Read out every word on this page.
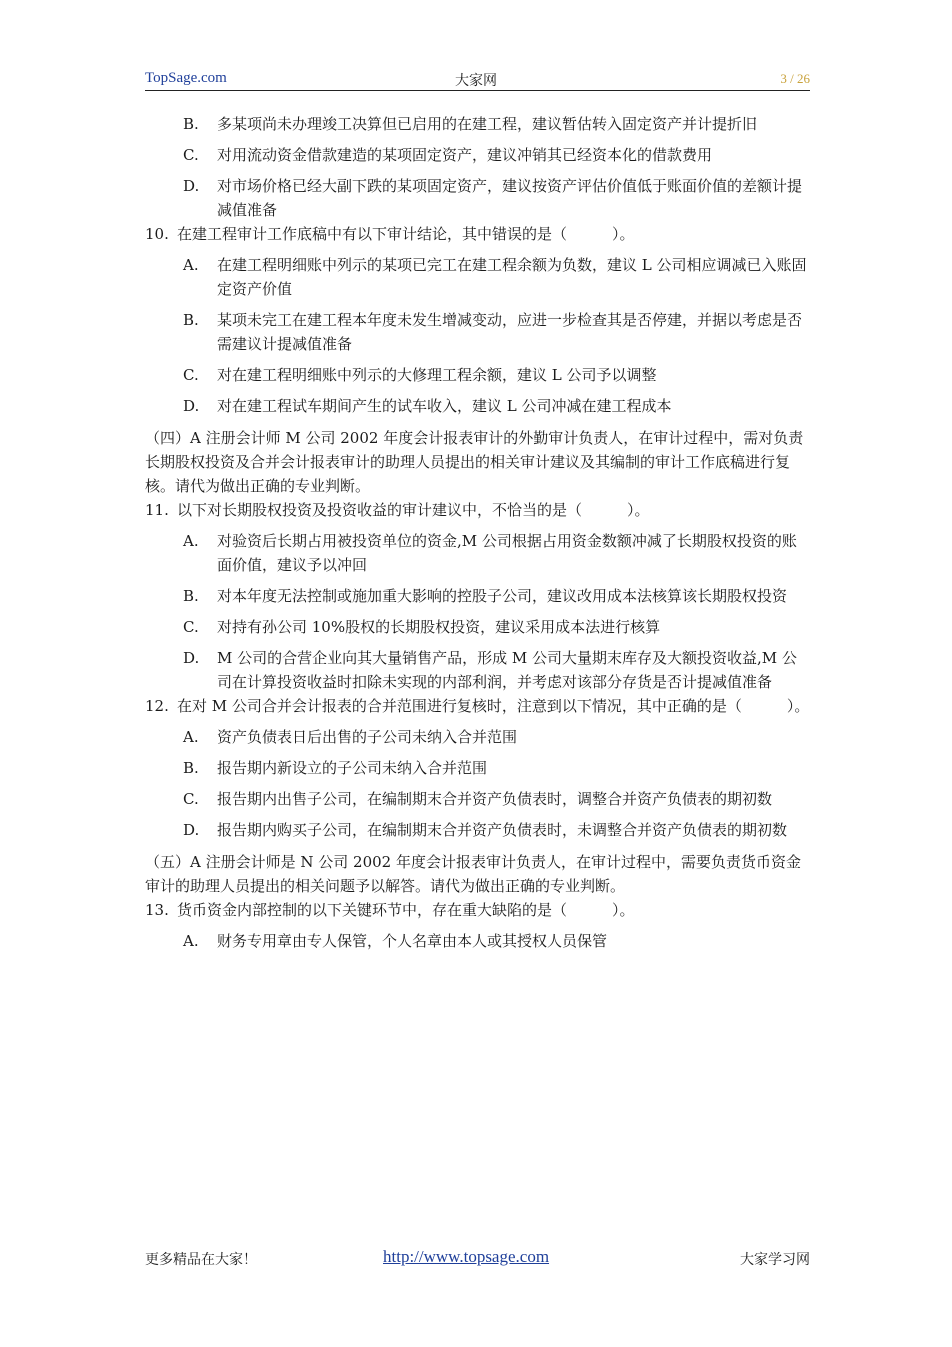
TopSage.com	大家网	3 / 26
B. 多某项尚未办理竣工决算但已启用的在建工程，建议暂估转入固定资产并计提折旧
C. 对用流动资金借款建造的某项固定资产，建议冲销其已经资本化的借款费用
D. 对市场价格已经大副下跌的某项固定资产，建议按资产评估价值低于账面价值的差额计提减值准备
10. 在建工程审计工作底稿中有以下审计结论，其中错误的是（　　　）。
A. 在建工程明细账中列示的某项已完工在建工程余额为负数，建议 L 公司相应调减已入账固定资产价值
B. 某项未完工在建工程本年度未发生增减变动，应进一步检查其是否停建，并据以考虑是否需建议计提减值准备
C. 对在建工程明细账中列示的大修理工程余额，建议 L 公司予以调整
D. 对在建工程试车期间产生的试车收入，建议 L 公司冲减在建工程成本
（四）A 注册会计师 M 公司 2002 年度会计报表审计的外勤审计负责人，在审计过程中，需对负责长期股权投资及合并会计报表审计的助理人员提出的相关审计建议及其编制的审计工作底稿进行复核。请代为做出正确的专业判断。
11. 以下对长期股权投资及投资收益的审计建议中，不恰当的是（　　　）。
A. 对验资后长期占用被投资单位的资金,M 公司根据占用资金数额冲减了长期股权投资的账面价值，建议予以冲回
B. 对本年度无法控制或施加重大影响的控股子公司，建议改用成本法核算该长期股权投资
C. 对持有孙公司 10%股权的长期股权投资，建议采用成本法进行核算
D. M 公司的合营企业向其大量销售产品，形成 M 公司大量期末库存及大额投资收益,M 公司在计算投资收益时扣除未实现的内部利润，并考虑对该部分存货是否计提减值准备
12. 在对 M 公司合并会计报表的合并范围进行复核时，注意到以下情况，其中正确的是（　　　）。
A. 资产负债表日后出售的子公司未纳入合并范围
B. 报告期内新设立的子公司未纳入合并范围
C. 报告期内出售子公司，在编制期末合并资产负债表时，调整合并资产负债表的期初数
D. 报告期内购买子公司，在编制期末合并资产负债表时，未调整合并资产负债表的期初数
（五）A 注册会计师是 N 公司 2002 年度会计报表审计负责人，在审计过程中，需要负责货币资金审计的助理人员提出的相关问题予以解答。请代为做出正确的专业判断。
13. 货币资金内部控制的以下关键环节中，存在重大缺陷的是（　　　）。
A. 财务专用章由专人保管，个人名章由本人或其授权人员保管
更多精品在大家！	http://www.topsage.com	大家学习网
